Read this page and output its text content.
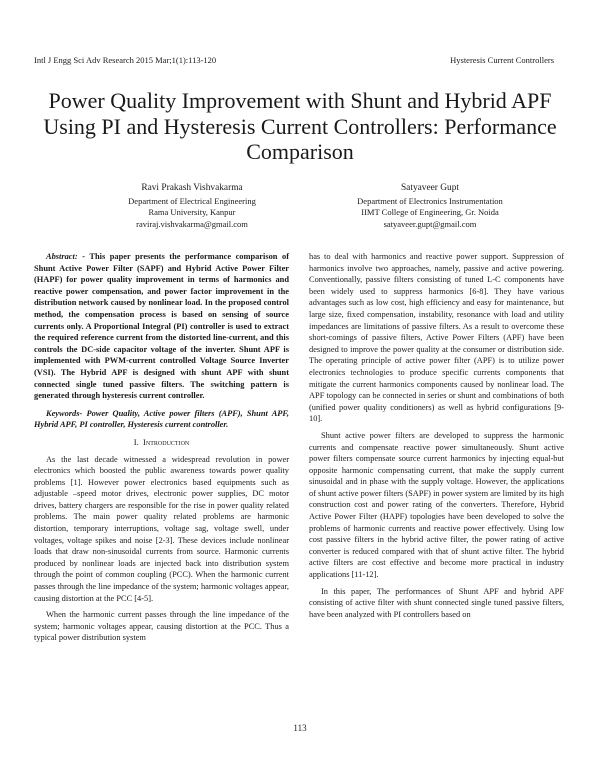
Intl J Engg Sci Adv Research 2015 Mar;1(1):113-120	Hysteresis Current Controllers
Power Quality Improvement with Shunt and Hybrid APF Using PI and Hysteresis Current Controllers: Performance Comparison
Ravi Prakash Vishvakarma
Department of Electrical Engineering
Rama University, Kanpur
raviraj.vishvakarma@gmail.com
Satyaveer Gupt
Department of Electronics Instrumentation
IIMT College of Engineering, Gr. Noida
satyaveer.gupt@gmail.com

Abstract: - This paper presents the performance comparison of Shunt Active Power Filter (SAPF) and Hybrid Active Power Filter (HAPF) for power quality improvement in terms of harmonics and reactive power compensation, and power factor improvement in the distribution network caused by nonlinear load. In the proposed control method, the compensation process is based on sensing of source currents only. A Proportional Integral (PI) controller is used to extract the required reference current from the distorted line-current, and this controls the DC-side capacitor voltage of the inverter. Shunt APF is implemented with PWM-current controlled Voltage Source Inverter (VSI). The Hybrid APF is designed with shunt APF with shunt connected single tuned passive filters. The switching pattern is generated through hysteresis current controller.

Keywords- Power Quality, Active power filters (APF), Shunt APF, Hybrid APF, PI controller, Hysteresis current controller.

I. Introduction

As the last decade witnessed a widespread revolution in power electronics which boosted the public awareness towards power quality problems [1]. However power electronics based equipments such as adjustable –speed motor drives, electronic power supplies, DC motor drives, battery chargers are responsible for the rise in power quality related problems. The main power quality related problems are harmonic distortion, temporary interruptions, voltage sag, voltage swell, under voltages, voltage spikes and noise [2-3]. These devices include nonlinear loads that draw non-sinusoidal currents from source. Harmonic currents produced by nonlinear loads are injected back into distribution system through the point of common coupling (PCC). When the harmonic current passes through the line impedance of the system; harmonic voltages appear, causing distortion at the PCC [4-5].

When the harmonic current passes through the line impedance of the system; harmonic voltages appear, causing distortion at the PCC. Thus a typical power distribution system

has to deal with harmonics and reactive power support. Suppression of harmonics involve two approaches, namely, passive and active powering. Conventionally, passive filters consisting of tuned L-C components have been widely used to suppress harmonics [6-8]. They have various advantages such as low cost, high efficiency and easy for maintenance, but large size, fixed compensation, instability, resonance with load and utility impedances are limitations of passive filters. As a result to overcome these short-comings of passive filters, Active Power Filters (APF) have been designed to improve the power quality at the consumer or distribution side. The operating principle of active power filter (APF) is to utilize power electronics technologies to produce specific currents components that mitigate the current harmonics components caused by nonlinear load. The APF topology can be connected in series or shunt and combinations of both (unified power quality conditioners) as well as hybrid configurations [9-10].

Shunt active power filters are developed to suppress the harmonic currents and compensate reactive power simultaneously. Shunt active power filters compensate source current harmonics by injecting equal-but opposite harmonic compensating current, that make the supply current sinusoidal and in phase with the supply voltage. However, the applications of shunt active power filters (SAPF) in power system are limited by its high construction cost and power rating of the converters. Therefore, Hybrid Active Power Filter (HAPF) topologies have been developed to solve the problems of harmonic currents and reactive power effectively. Using low cost passive filters in the hybrid active filter, the power rating of active converter is reduced compared with that of shunt active filter. The hybrid active filters are cost effective and become more practical in industry applications [11-12].

In this paper, The performances of Shunt APF and hybrid APF consisting of active filter with shunt connected single tuned passive filters, have been analyzed with PI controllers based on

113
